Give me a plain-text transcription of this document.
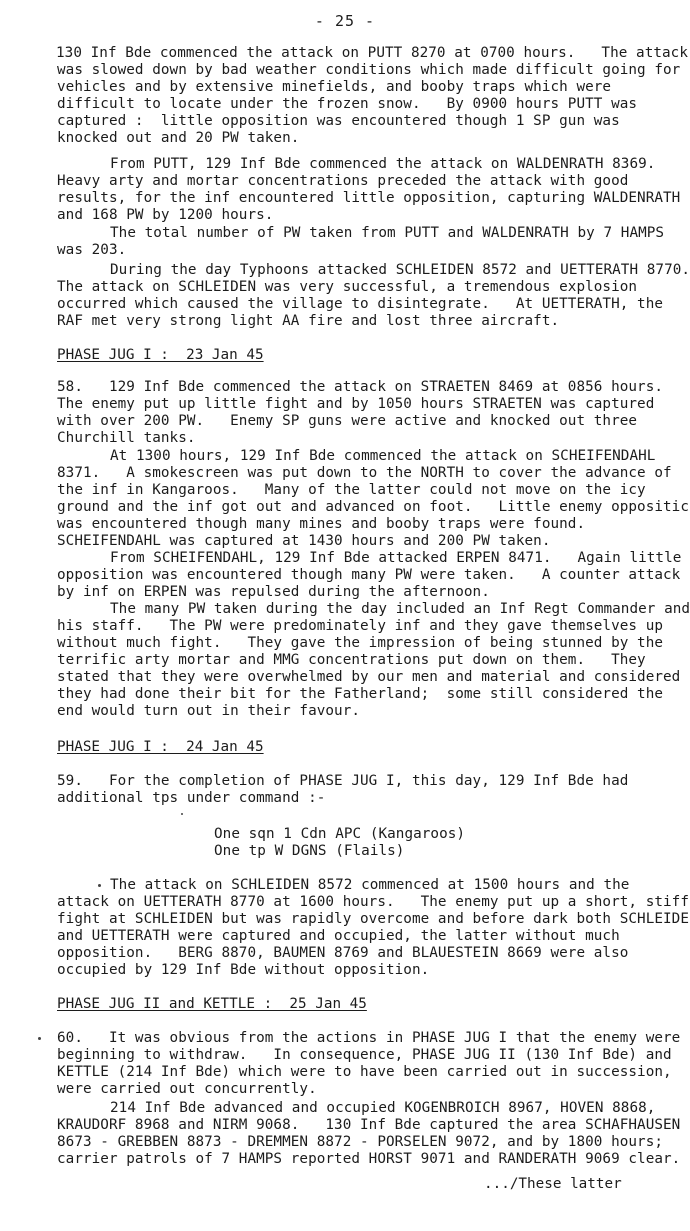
- 25 -
130 Inf Bde commenced the attack on PUTT 8270 at 0700 hours.   The attack
was slowed down by bad weather conditions which made difficult going for
vehicles and by extensive minefields, and booby traps which were
difficult to locate under the frozen snow.   By 0900 hours PUTT was
captured :  little opposition was encountered though 1 SP gun was
knocked out and 20 PW taken.
From PUTT, 129 Inf Bde commenced the attack on WALDENRATH 8369.
Heavy arty and mortar concentrations preceded the attack with good
results, for the inf encountered little opposition, capturing WALDENRATH
and 168 PW by 1200 hours.
The total number of PW taken from PUTT and WALDENRATH by 7 HAMPS
was 203.
During the day Typhoons attacked SCHLEIDEN 8572 and UETTERATH 8770.
The attack on SCHLEIDEN was very successful, a tremendous explosion
occurred which caused the village to disintegrate.   At UETTERATH, the
RAF met very strong light AA fire and lost three aircraft.
PHASE JUG I :  23 Jan 45
58.   129 Inf Bde commenced the attack on STRAETEN 8469 at 0856 hours.
The enemy put up little fight and by 1050 hours STRAETEN was captured
with over 200 PW.   Enemy SP guns were active and knocked out three
Churchill tanks.
At 1300 hours, 129 Inf Bde commenced the attack on SCHEIFENDAHL
8371.   A smokescreen was put down to the NORTH to cover the advance of
the inf in Kangaroos.   Many of the latter could not move on the icy
ground and the inf got out and advanced on foot.   Little enemy oppositic
was encountered though many mines and booby traps were found.
SCHEIFENDAHL was captured at 1430 hours and 200 PW taken.
From SCHEIFENDAHL, 129 Inf Bde attacked ERPEN 8471.   Again little
opposition was encountered though many PW were taken.   A counter attack
by inf on ERPEN was repulsed during the afternoon.
The many PW taken during the day included an Inf Regt Commander and
his staff.   The PW were predominately inf and they gave themselves up
without much fight.   They gave the impression of being stunned by the
terrific arty mortar and MMG concentrations put down on them.   They
stated that they were overwhelmed by our men and material and considered
they had done their bit for the Fatherland;  some still considered the
end would turn out in their favour.
PHASE JUG I :  24 Jan 45
59.   For the completion of PHASE JUG I, this day, 129 Inf Bde had
additional tps under command :-
One sqn 1 Cdn APC (Kangaroos)
One tp W DGNS (Flails)
The attack on SCHLEIDEN 8572 commenced at 1500 hours and the
attack on UETTERATH 8770 at 1600 hours.   The enemy put up a short, stiff
fight at SCHLEIDEN but was rapidly overcome and before dark both SCHLEIDE
and UETTERATH were captured and occupied, the latter without much
opposition.   BERG 8870, BAUMEN 8769 and BLAUESTEIN 8669 were also
occupied by 129 Inf Bde without opposition.
PHASE JUG II and KETTLE :  25 Jan 45
60.   It was obvious from the actions in PHASE JUG I that the enemy were
beginning to withdraw.   In consequence, PHASE JUG II (130 Inf Bde) and
KETTLE (214 Inf Bde) which were to have been carried out in succession,
were carried out concurrently.
214 Inf Bde advanced and occupied KOGENBROICH 8967, HOVEN 8868,
KRAUDORF 8968 and NIRM 9068.   130 Inf Bde captured the area SCHAFHAUSEN
8673 - GREBBEN 8873 - DREMMEN 8872 - PORSELEN 9072, and by 1800 hours;
carrier patrols of 7 HAMPS reported HORST 9071 and RANDERATH 9069 clear.
.../These latter
